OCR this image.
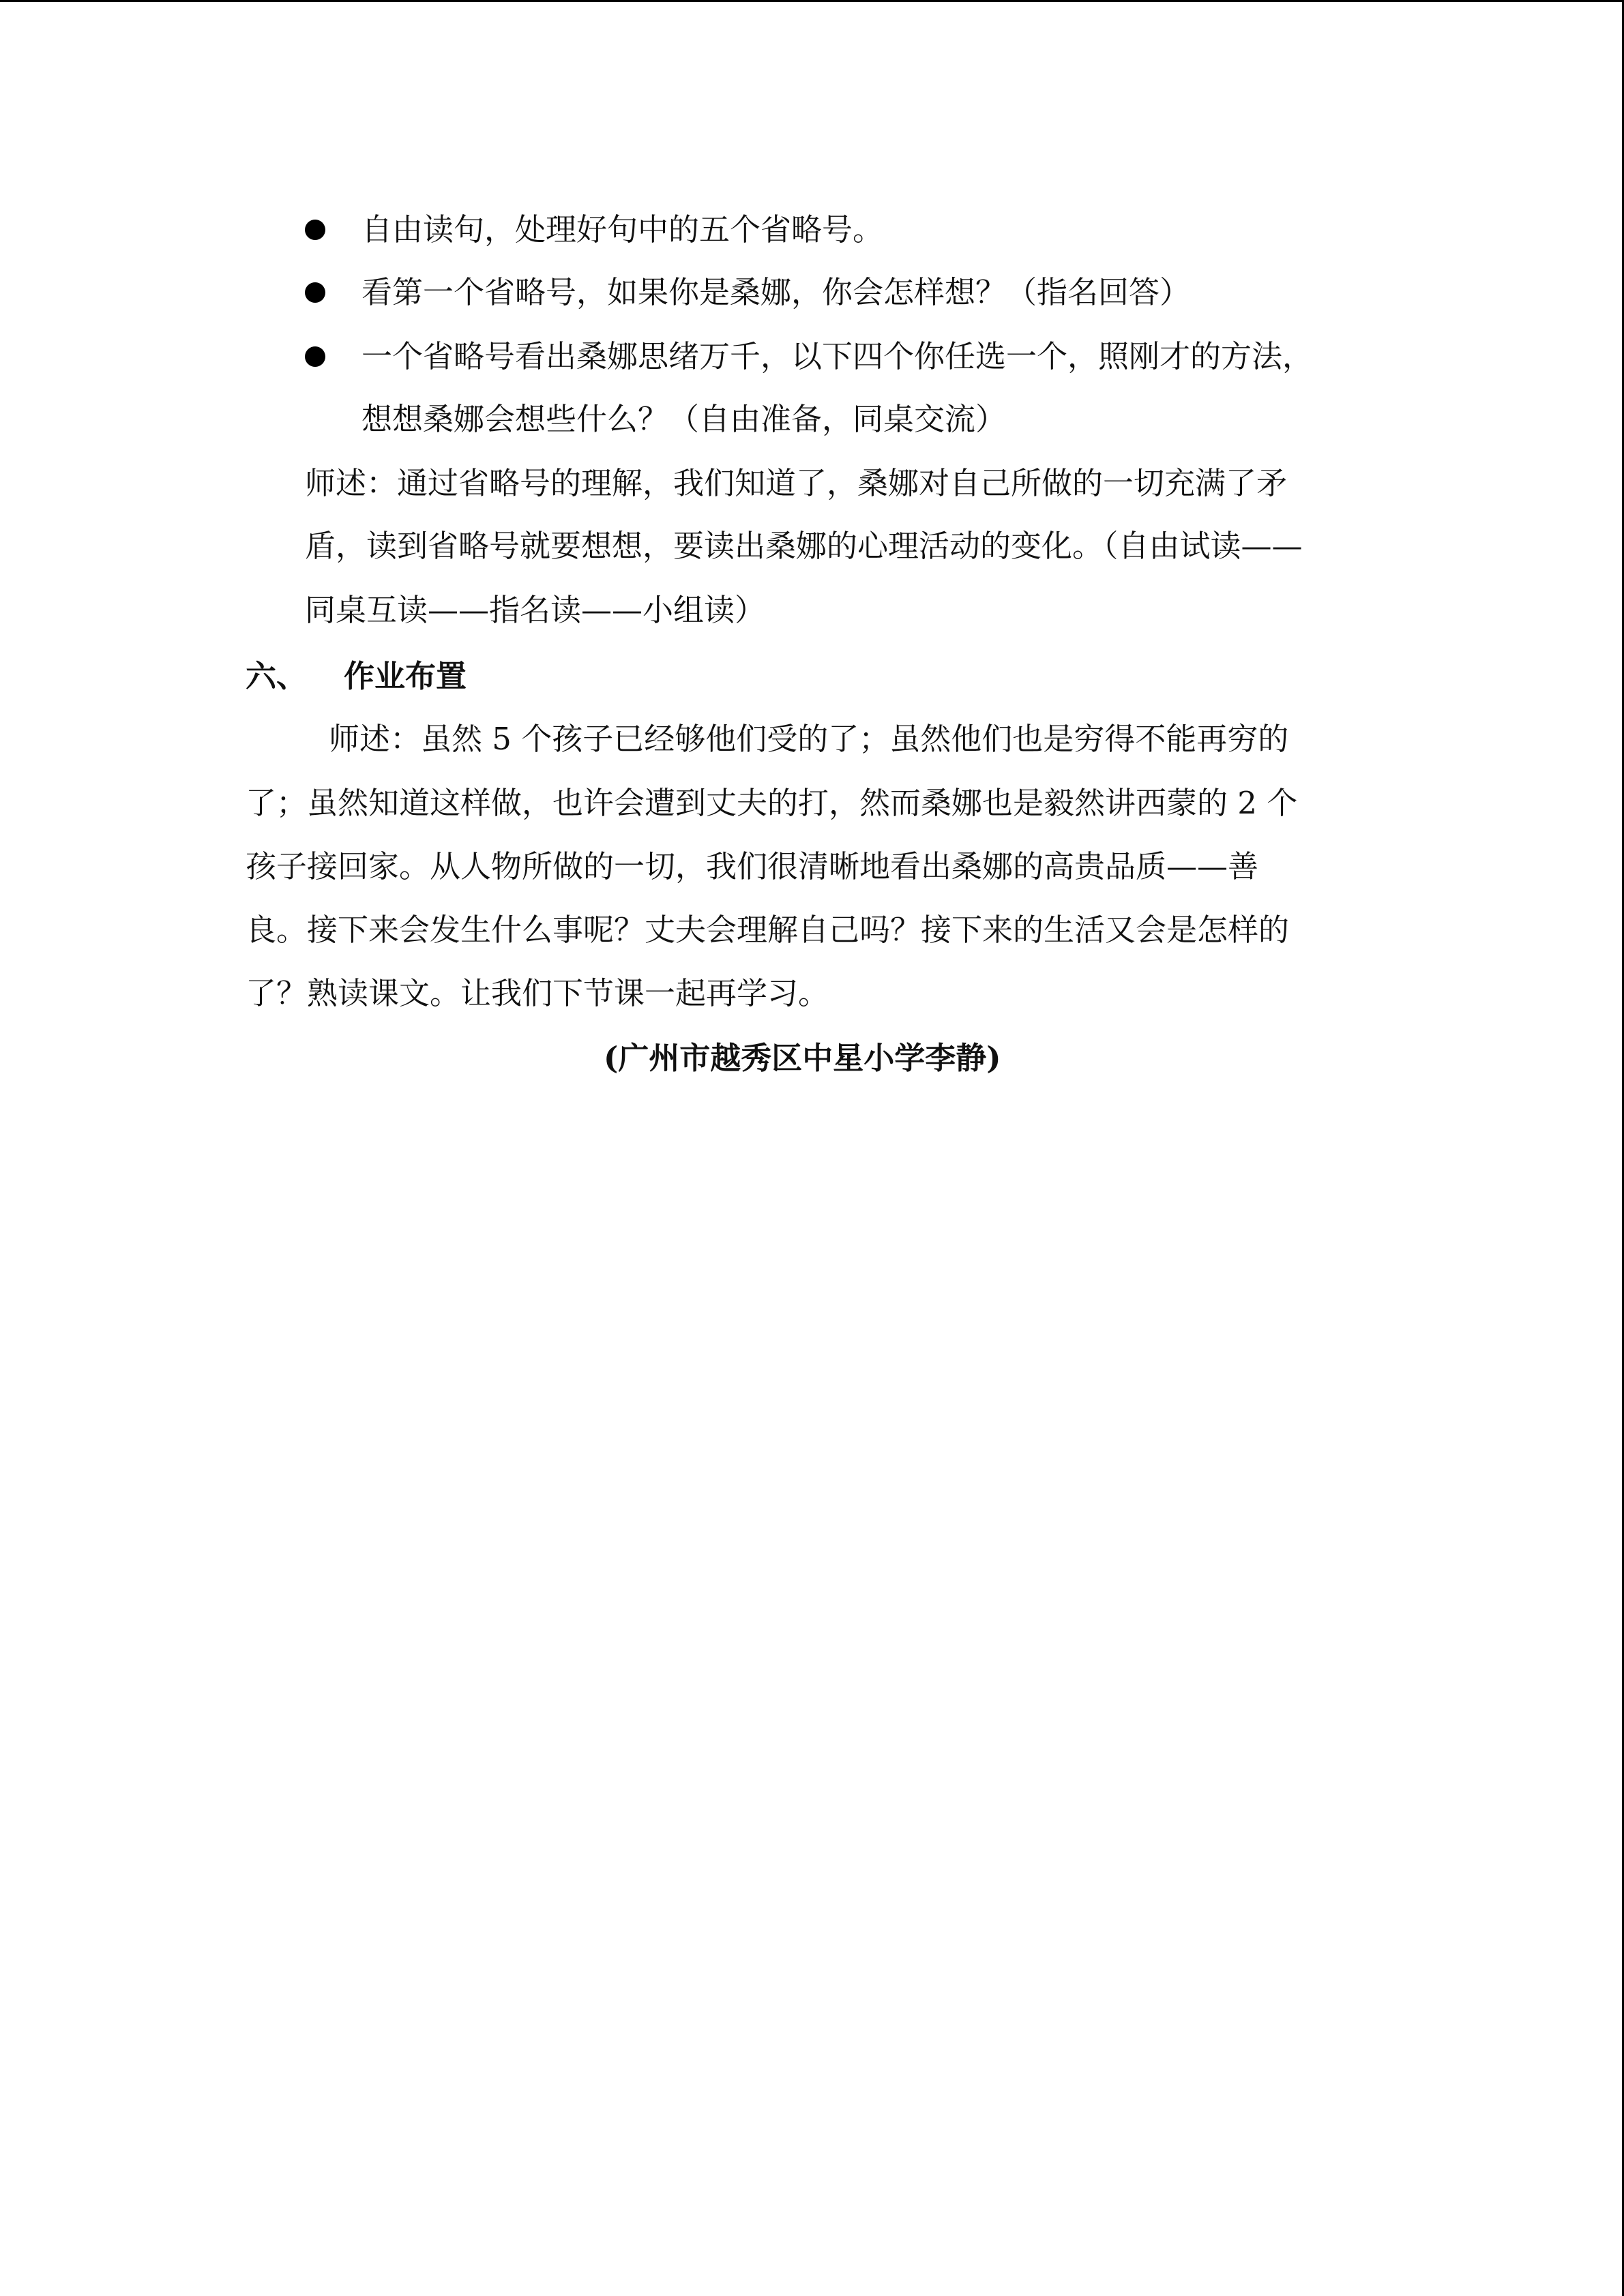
自由读句，处理好句中的五个省略号。
看第一个省略号，如果你是桑娜，你会怎样想？（指名回答）
一个省略号看出桑娜思绪万千，以下四个你任选一个，照刚才的方法，
想想桑娜会想些什么？（自由准备，同桌交流）
师述：通过省略号的理解，我们知道了，桑娜对自己所做的一切充满了矛
盾，读到省略号就要想想，要读出桑娜的心理活动的变化。（自由试读——
同桌互读——指名读——小组读）
六、 作业布置
师述：虽然 5 个孩子已经够他们受的了；虽然他们也是穷得不能再穷的
了；虽然知道这样做，也许会遭到丈夫的打，然而桑娜也是毅然讲西蒙的 2 个
孩子接回家。从人物所做的一切，我们很清晰地看出桑娜的高贵品质——善
良。接下来会发生什么事呢？丈夫会理解自己吗？接下来的生活又会是怎样的
了？熟读课文。让我们下节课一起再学习。
(广州市越秀区中星小学李静)
